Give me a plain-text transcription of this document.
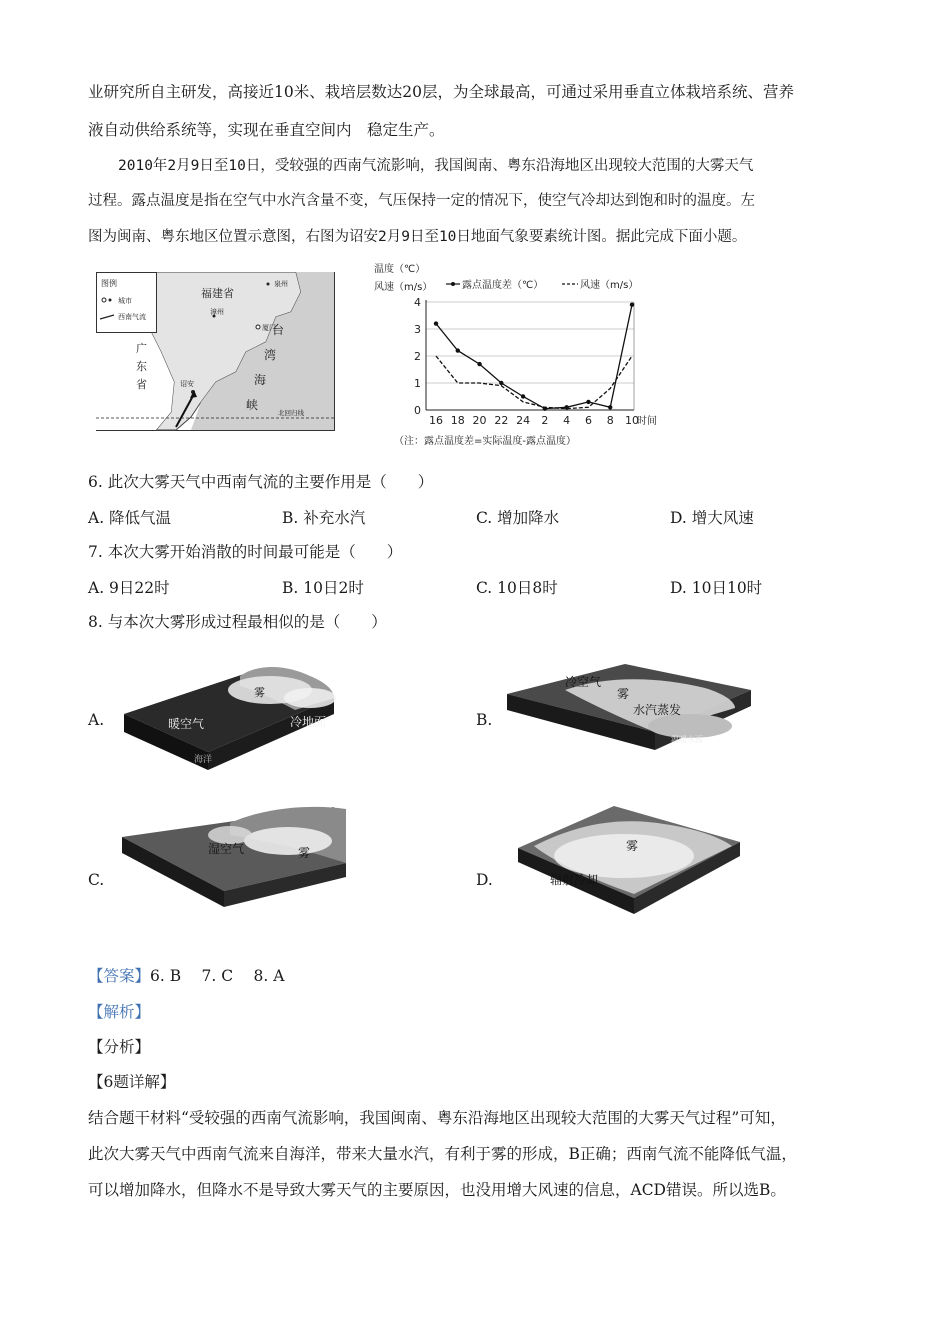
业研究所自主研发，高接近10米、栽培层数达20层，为全球最高，可通过采用垂直立体栽培系统、营养
液自动供给系统等，实现在垂直空间内　稳定生产。
2010年2月9日至10日，受较强的西南气流影响，我国闽南、粤东沿海地区出现较大范围的大雾天气
过程。露点温度是指在空气中水汽含量不变，气压保持一定的情况下，使空气冷却达到饱和时的温度。左
图为闽南、粤东地区位置示意图，右图为诏安2月9日至10日地面气象要素统计图。据此完成下面小题。
图例
城市
西南气流
福建省
泉州
漳州
厦门
广
东
省	诏安
台
湾
海
峡
北回归线
温度（℃）
风速（m/s）	露点温度差（℃）	风速（m/s）
0
1
2
3
4
16 18 20 22 24 2 4 6 8 10
时间
（注：露点温度差=实际温度-露点温度）
6. 此次大雾天气中西南气流的主要作用是（　　）
A. 降低气温	B. 补充水汽	C. 增加降水	D. 增大风速
7. 本次大雾开始消散的时间最可能是（　　）
A. 9日22时	B. 10日2时	C. 10日8时	D. 10日10时
8. 与本次大雾形成过程最相似的是（　　）
A.
雾
暖空气	冷地面
海洋
B.
冷空气
雾
水汽蒸发
温暖水面
C.
湿空气	雾
D.
雾
辐射冷却
【答案】6. B　 7. C　 8. A
【解析】
【分析】
【6题详解】
结合题干材料“受较强的西南气流影响，我国闽南、粤东沿海地区出现较大范围的大雾天气过程”可知，
此次大雾天气中西南气流来自海洋，带来大量水汽，有利于雾的形成，B正确；西南气流不能降低气温，
可以增加降水，但降水不是导致大雾天气的主要原因，也没用增大风速的信息，ACD错误。所以选B。
